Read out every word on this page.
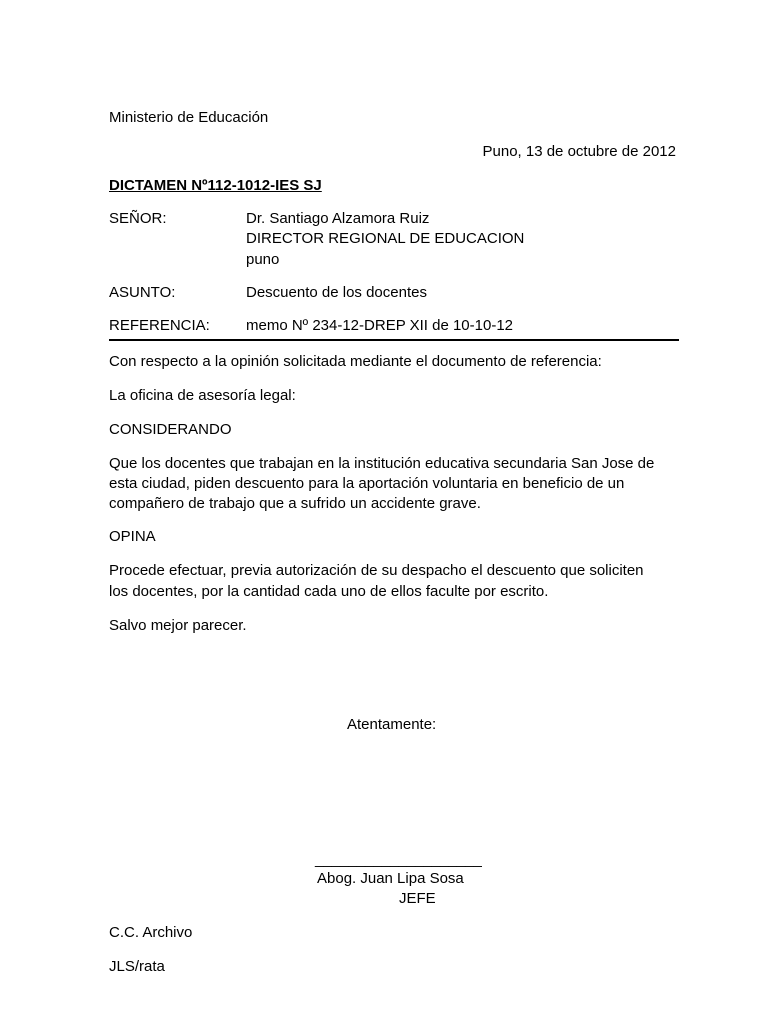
Ministerio de Educación
Puno, 13 de octubre de 2012
DICTAMEN Nº112-1012-IES SJ
SEÑOR:	Dr. Santiago Alzamora Ruiz
DIRECTOR REGIONAL DE EDUCACION
puno
ASUNTO:	Descuento de los docentes
REFERENCIA: memo Nº 234-12-DREP XII de 10-10-12
Con respecto a la opinión solicitada mediante el documento de referencia:
La oficina de asesoría legal:
CONSIDERANDO
Que los docentes que trabajan en la institución educativa secundaria San Jose de
esta ciudad, piden descuento para la aportación voluntaria en beneficio de un
compañero de trabajo que a sufrido un accidente grave.
OPINA
Procede efectuar, previa autorización de su despacho el descuento que soliciten
los docentes, por la cantidad cada uno de ellos faculte por escrito.
Salvo mejor parecer.
Atentamente:
____________________
Abog. Juan Lipa Sosa
JEFE
C.C. Archivo
JLS/rata
